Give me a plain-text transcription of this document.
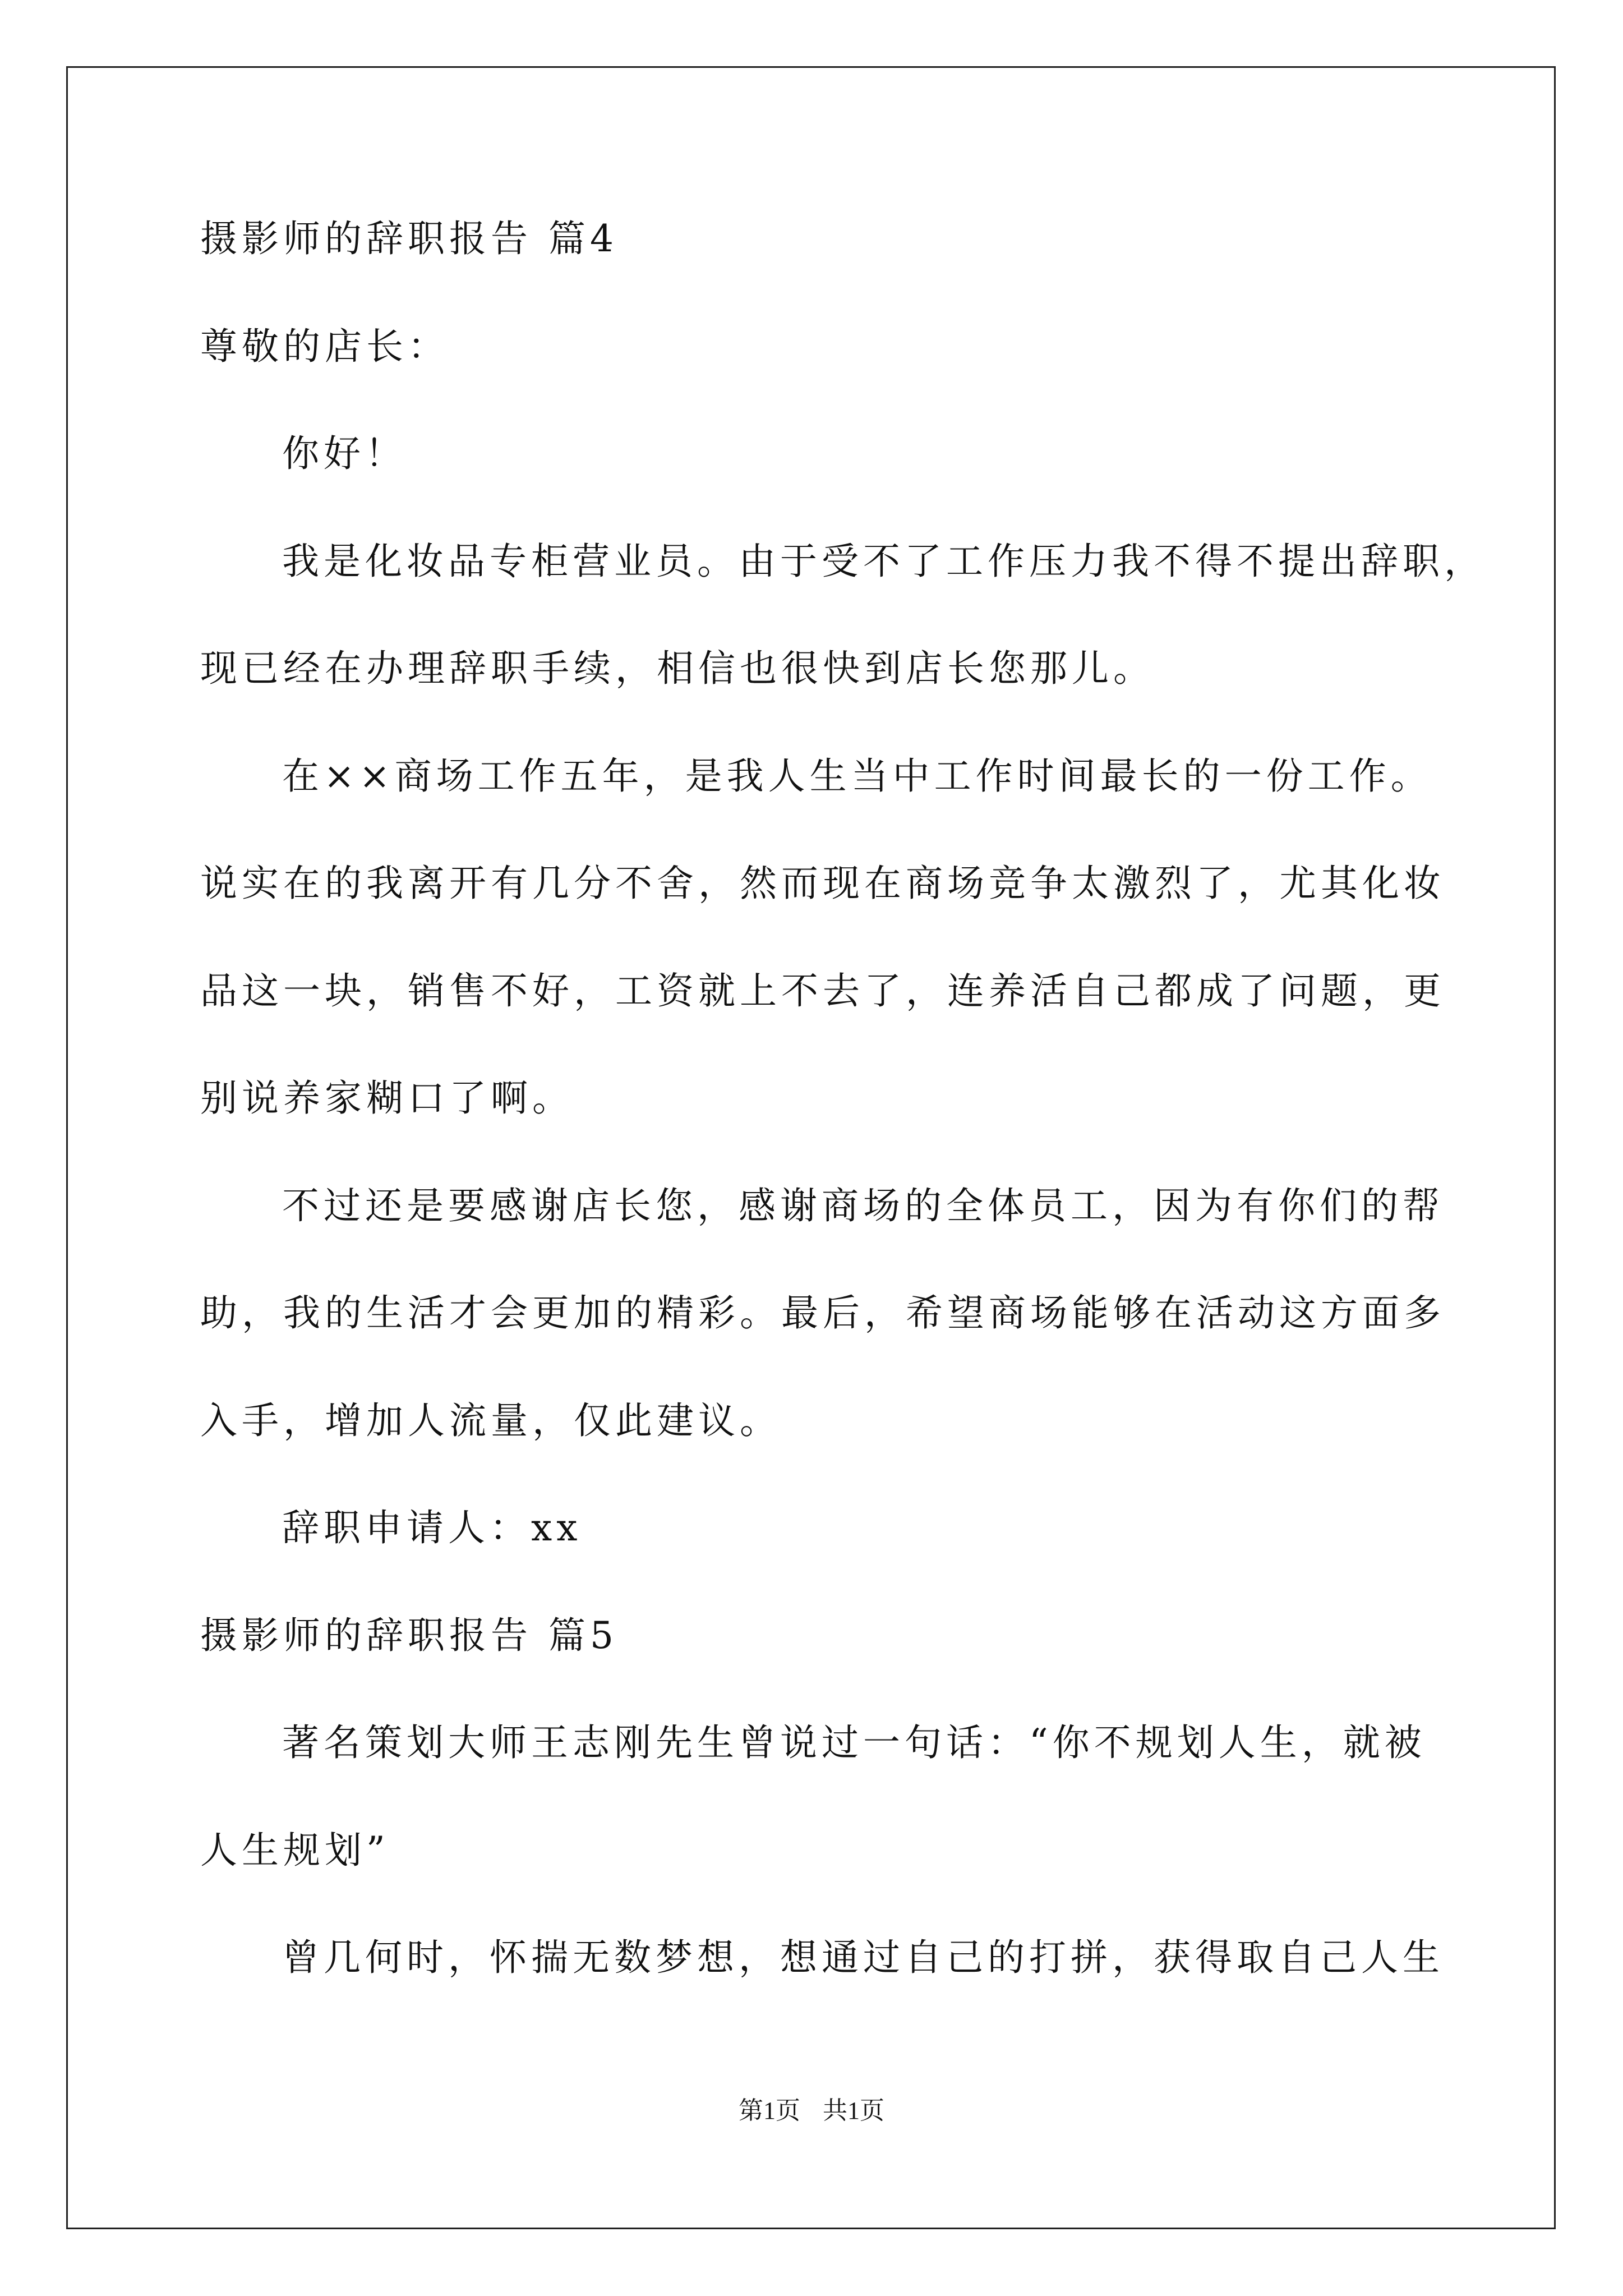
摄影师的辞职报告 篇4
尊敬的店长：
你好！
我是化妆品专柜营业员。由于受不了工作压力我不得不提出辞职，
现已经在办理辞职手续，相信也很快到店长您那儿。
在××商场工作五年，是我人生当中工作时间最长的一份工作。
说实在的我离开有几分不舍，然而现在商场竞争太激烈了，尤其化妆
品这一块，销售不好，工资就上不去了，连养活自己都成了问题，更
别说养家糊口了啊。
不过还是要感谢店长您，感谢商场的全体员工，因为有你们的帮
助，我的生活才会更加的精彩。最后，希望商场能够在活动这方面多
入手，增加人流量，仅此建议。
辞职申请人：xx
摄影师的辞职报告 篇5
著名策划大师王志刚先生曾说过一句话：“你不规划人生，就被
人生规划”
曾几何时，怀揣无数梦想，想通过自己的打拼，获得取自己人生
第1页 共1页
